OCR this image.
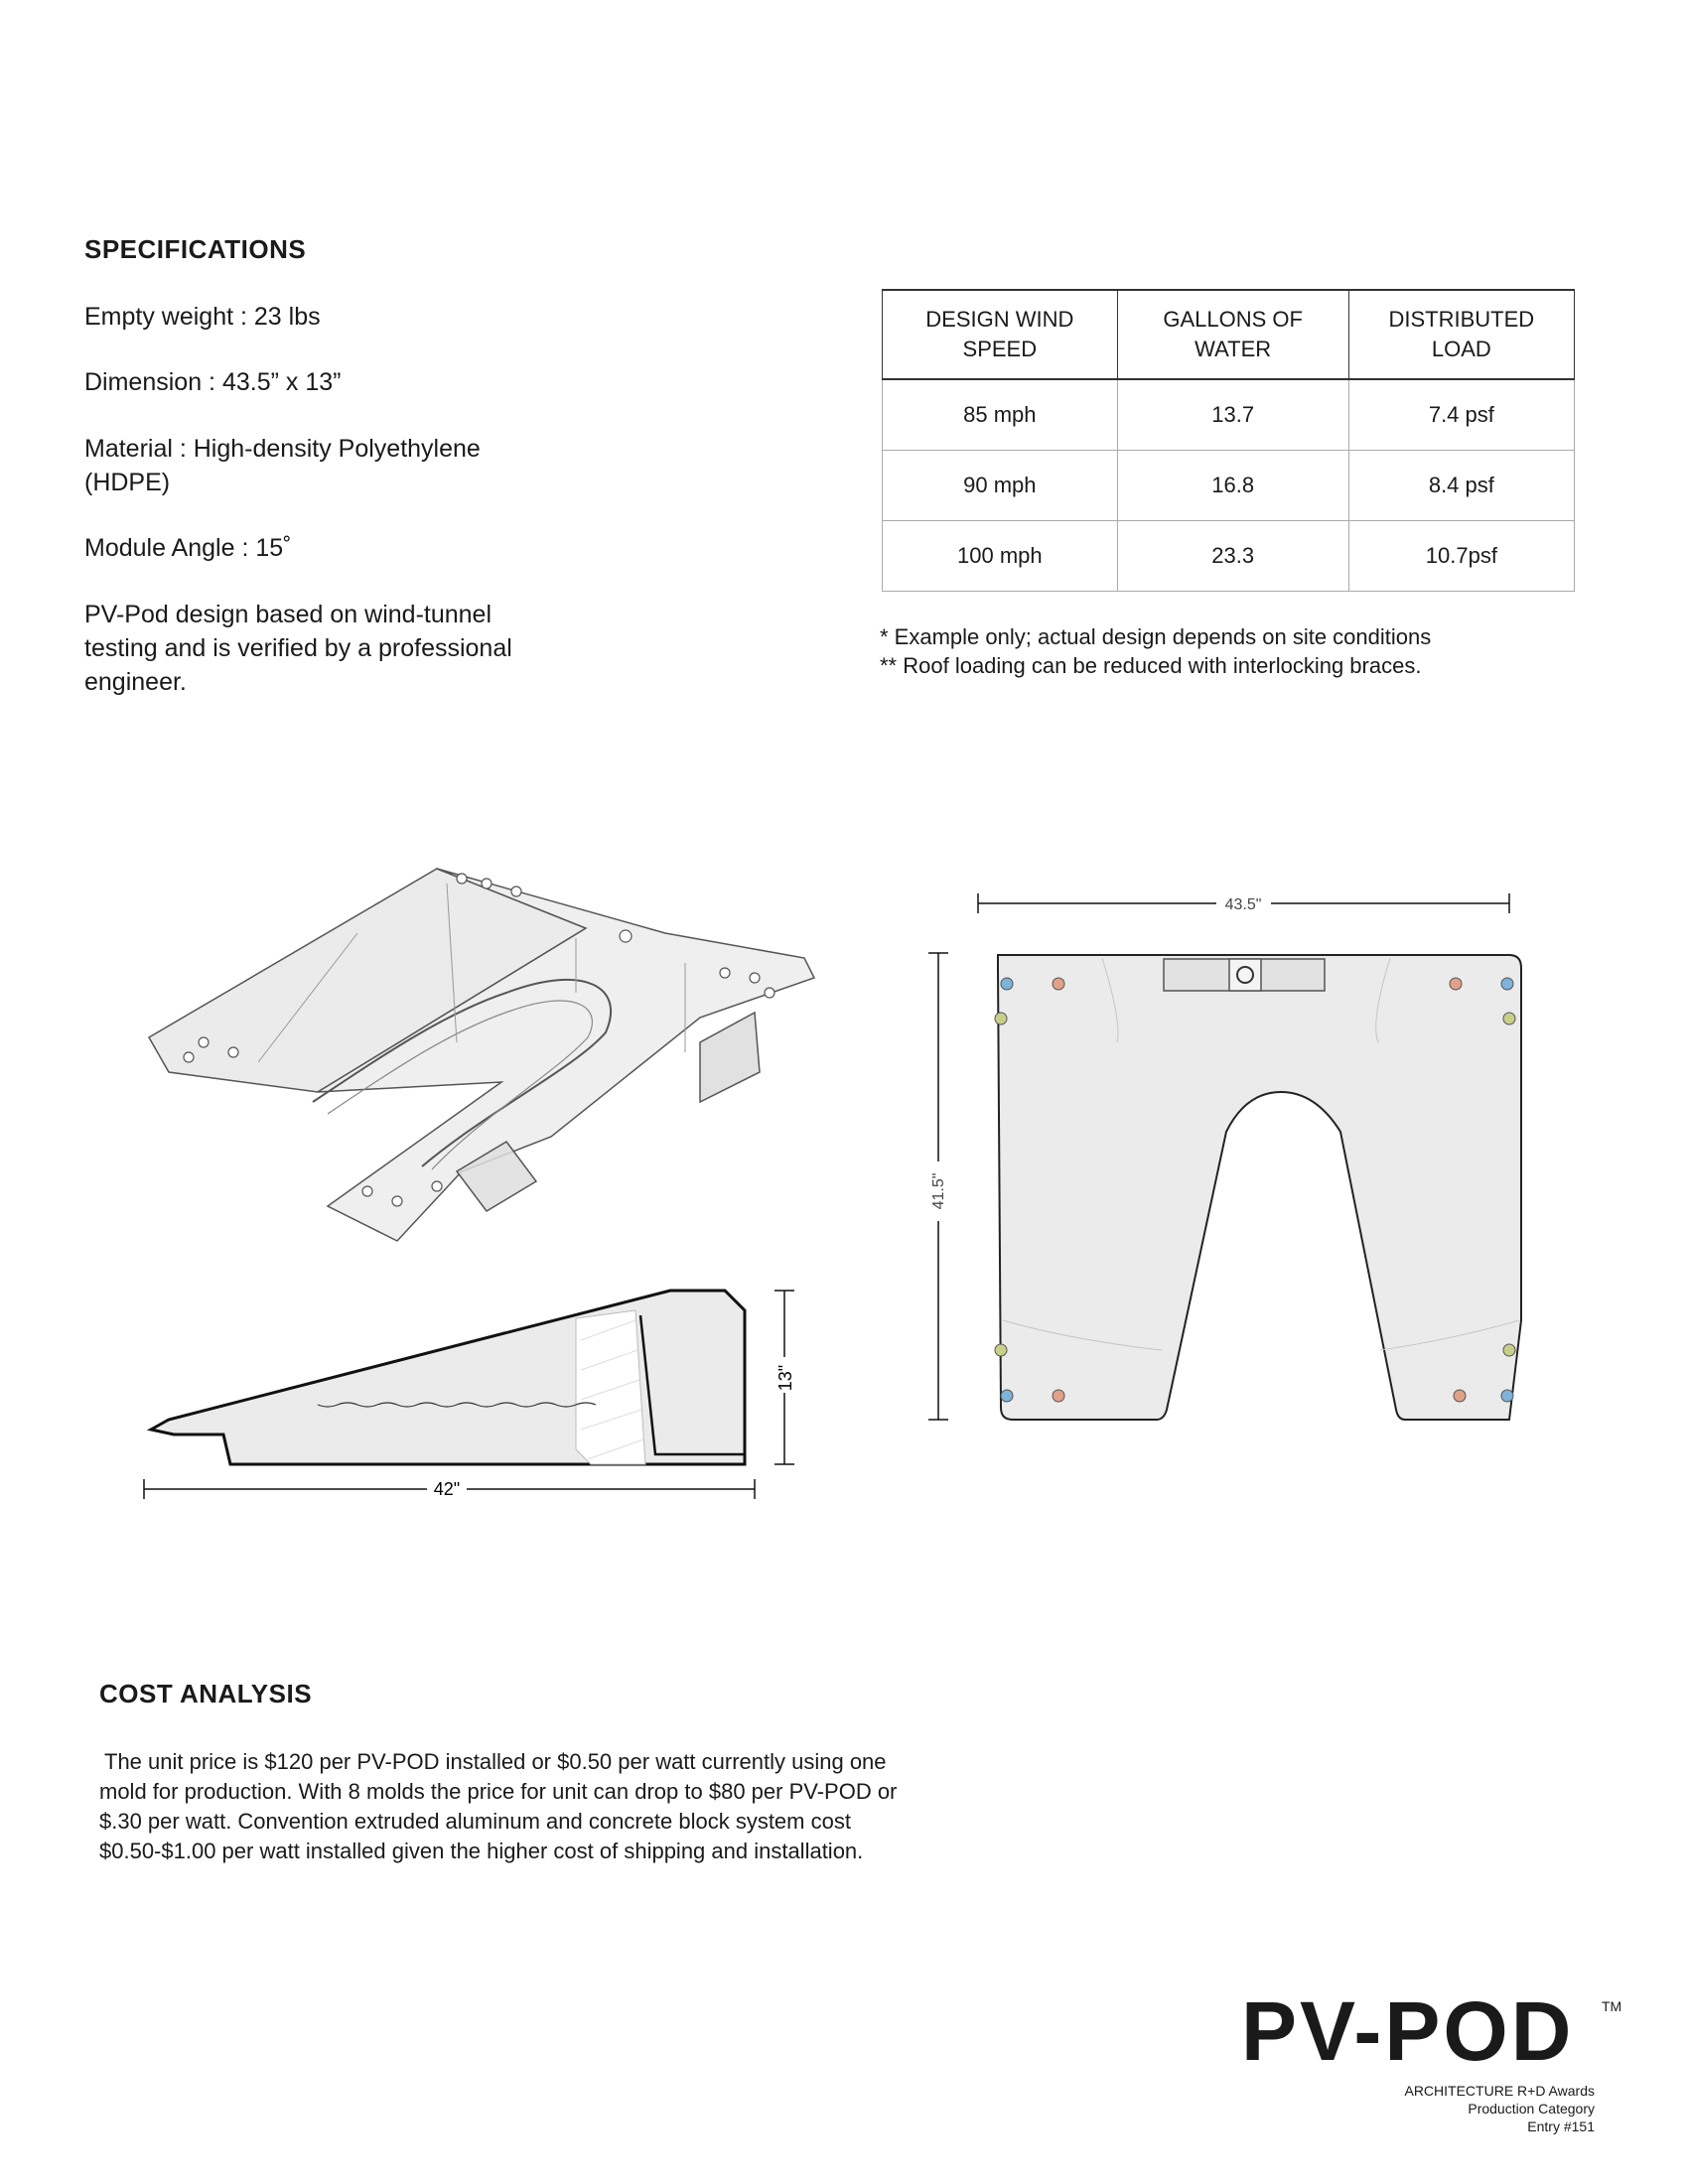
SPECIFICATIONS
Empty weight : 23 lbs
Dimension : 43.5” x 13”
Material : High-density Polyethylene
(HDPE)
Module Angle : 15˚
PV-Pod design based on wind-tunnel testing and is verified by a professional engineer.
DESIGN WIND SPEED	GALLONS OF WATER	DISTRIBUTED LOAD
85 mph	13.7	7.4 psf
90 mph	16.8	8.4 psf
100 mph	23.3	10.7psf
* Example only; actual design depends on site conditions
** Roof loading can be reduced with interlocking braces.
13"
42"
43.5"
41.5"
COST ANALYSIS
The unit price is $120 per PV-POD installed or $0.50 per watt currently using one mold for production. With 8 molds the price for unit can drop to $80 per PV-POD or $.30 per watt. Convention extruded aluminum and concrete block system cost $0.50-$1.00 per watt installed given the higher cost of shipping and installation.
PV-POD TM
ARCHITECTURE R+D Awards
Production Category
Entry #151
